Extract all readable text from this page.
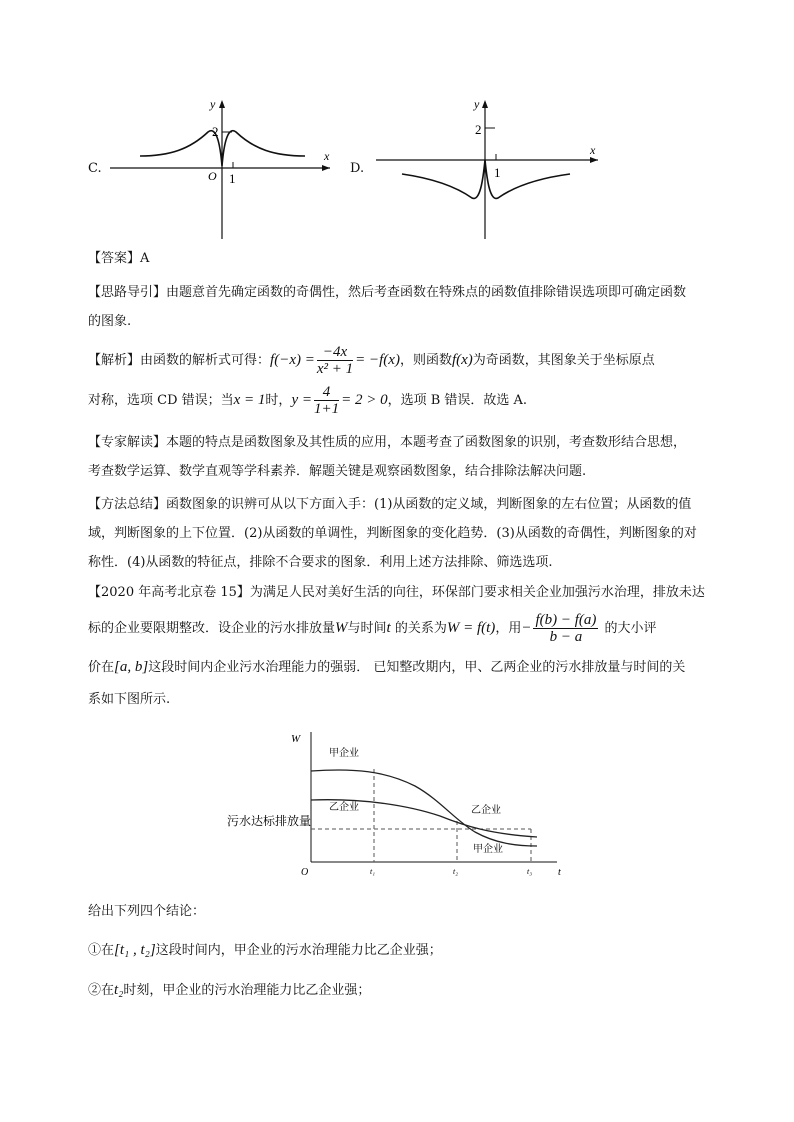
C.
y
x
O
2
1
D.
y
x
2
1
【答案】A
【思路导引】由题意首先确定函数的奇偶性，然后考查函数在特殊点的函数值排除错误选项即可确定函数
的图象.
【解析】由函数的解析式可得：$f(-x) = \frac{-4x}{\text{x² + 1}} = -f(x)$，则函数f(x)为奇函数，其图象关于坐标原点
对称，选项 CD 错误；当x = 1时，$y = \frac{4}{1+1} = 2 > 0$，选项 B 错误．故选 A.
【专家解读】本题的特点是函数图象及其性质的应用，本题考查了函数图象的识别，考查数形结合思想，
考查数学运算、数学直观等学科素养．解题关键是观察函数图象，结合排除法解决问题.
【方法总结】函数图象的识辨可从以下方面入手：(1)从函数的定义域，判断图象的左右位置；从函数的值
域，判断图象的上下位置．(2)从函数的单调性，判断图象的变化趋势．(3)从函数的奇偶性，判断图象的对
称性．(4)从函数的特征点，排除不合要求的图象．利用上述方法排除、筛选选项.
【2020 年高考北京卷 15】为满足人民对美好生活的向往，环保部门要求相关企业加强污水治理，排放未达
标的企业要限期整改．设企业的污水排放量W与时间t 的关系为W = f(t)，用− $\frac{f(b) - f(a)}{b - a}$ 的大小评
价在[a, b]这段时间内企业污水治理能力的强弱． 已知整改期内，甲、乙两企业的污水排放量与时间的关
系如下图所示.
W
t
O
污水达标排放量
甲企业
乙企业	乙企业
甲企业
t₁	t₂	t₃
给出下列四个结论：
①在[t₁ , t₂]这段时间内，甲企业的污水治理能力比乙企业强；
②在t₂时刻，甲企业的污水治理能力比乙企业强；
